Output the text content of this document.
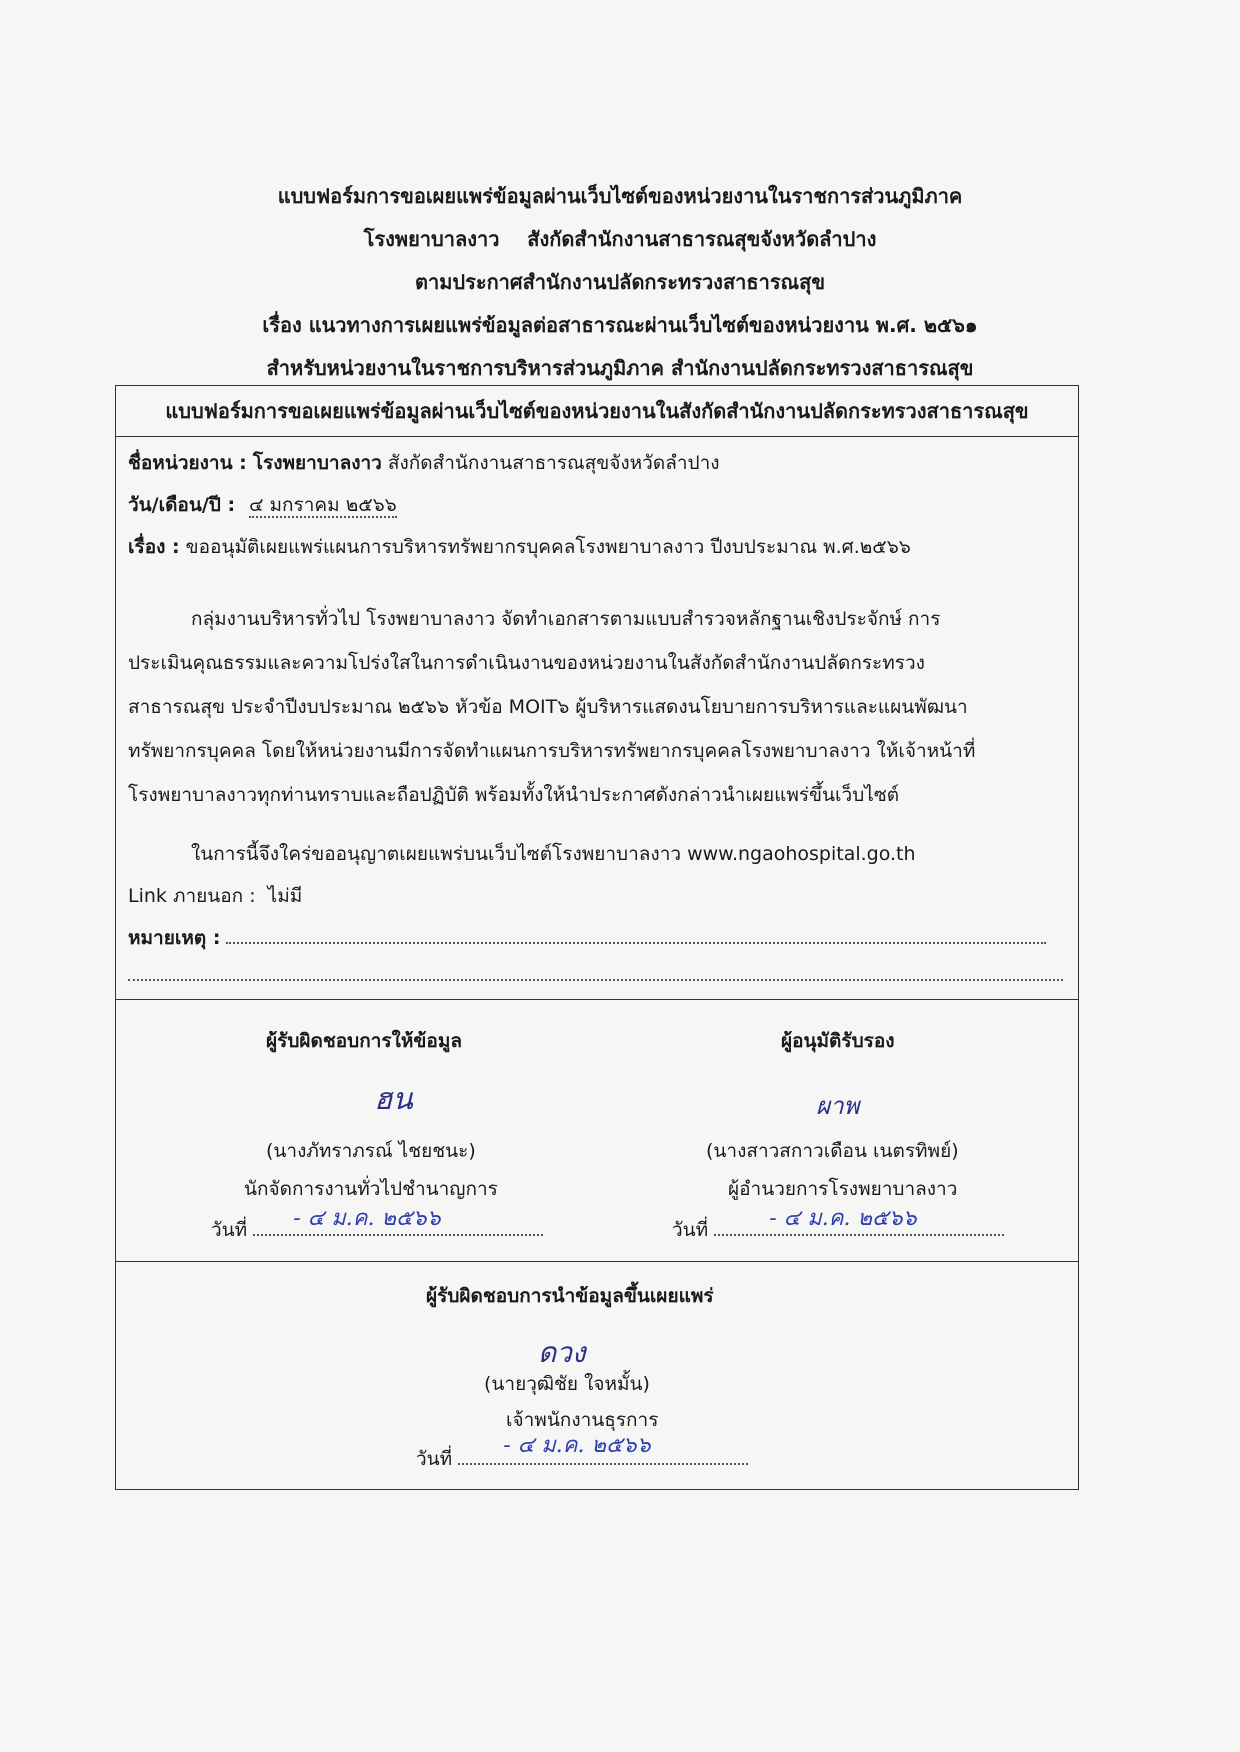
แบบฟอร์มการขอเผยแพร่ข้อมูลผ่านเว็บไซต์ของหน่วยงานในราชการส่วนภูมิภาค
โรงพยาบาลงาว    สังกัดสำนักงานสาธารณสุขจังหวัดลำปาง
ตามประกาศสำนักงานปลัดกระทรวงสาธารณสุข
เรื่อง แนวทางการเผยแพร่ข้อมูลต่อสาธารณะผ่านเว็บไซต์ของหน่วยงาน พ.ศ. ๒๕๖๑
สำหรับหน่วยงานในราชการบริหารส่วนภูมิภาค สำนักงานปลัดกระทรวงสาธารณสุข
แบบฟอร์มการขอเผยแพร่ข้อมูลผ่านเว็บไซต์ของหน่วยงานในสังกัดสำนักงานปลัดกระทรวงสาธารณสุข
ชื่อหน่วยงาน : โรงพยาบาลงาว สังกัดสำนักงานสาธารณสุขจังหวัดลำปาง
วัน/เดือน/ปี : ๔ มกราคม ๒๕๖๖
เรื่อง : ขออนุมัติเผยแพร่แผนการบริหารทรัพยากรบุคคลโรงพยาบาลงาว ปีงบประมาณ พ.ศ.๒๕๖๖
กลุ่มงานบริหารทั่วไป โรงพยาบาลงาว จัดทำเอกสารตามแบบสำรวจหลักฐานเชิงประจักษ์ การ
ประเมินคุณธรรมและความโปร่งใสในการดำเนินงานของหน่วยงานในสังกัดสำนักงานปลัดกระทรวง
สาธารณสุข ประจำปีงบประมาณ ๒๕๖๖ หัวข้อ MOIT๖ ผู้บริหารแสดงนโยบายการบริหารและแผนพัฒนา
ทรัพยากรบุคคล โดยให้หน่วยงานมีการจัดทำแผนการบริหารทรัพยากรบุคคลโรงพยาบาลงาว ให้เจ้าหน้าที่
โรงพยาบาลงาวทุกท่านทราบและถือปฏิบัติ พร้อมทั้งให้นำประกาศดังกล่าวนำเผยแพร่ขึ้นเว็บไซต์
ในการนี้จึงใคร่ขออนุญาตเผยแพร่บนเว็บไซต์โรงพยาบาลงาว www.ngaohospital.go.th
Link ภายนอก : ไม่มี
หมายเหตุ :
ผู้รับผิดชอบการให้ข้อมูล
ฮน
(นางภัทราภรณ์ ไชยชนะ)
นักจัดการงานทั่วไปชำนาญการ
วันที่ - ๔ ม.ค. ๒๕๖๖
ผู้อนุมัติรับรอง
ผาพ
(นางสาวสกาวเดือน เนตรทิพย์)
ผู้อำนวยการโรงพยาบาลงาว
วันที่	- ๔ ม.ค. ๒๕๖๖
ผู้รับผิดชอบการนำข้อมูลขึ้นเผยแพร่
ดวง
(นายวุฒิชัย ใจหมั้น)
เจ้าพนักงานธุรการ
วันที่
- ๔ ม.ค. ๒๕๖๖
